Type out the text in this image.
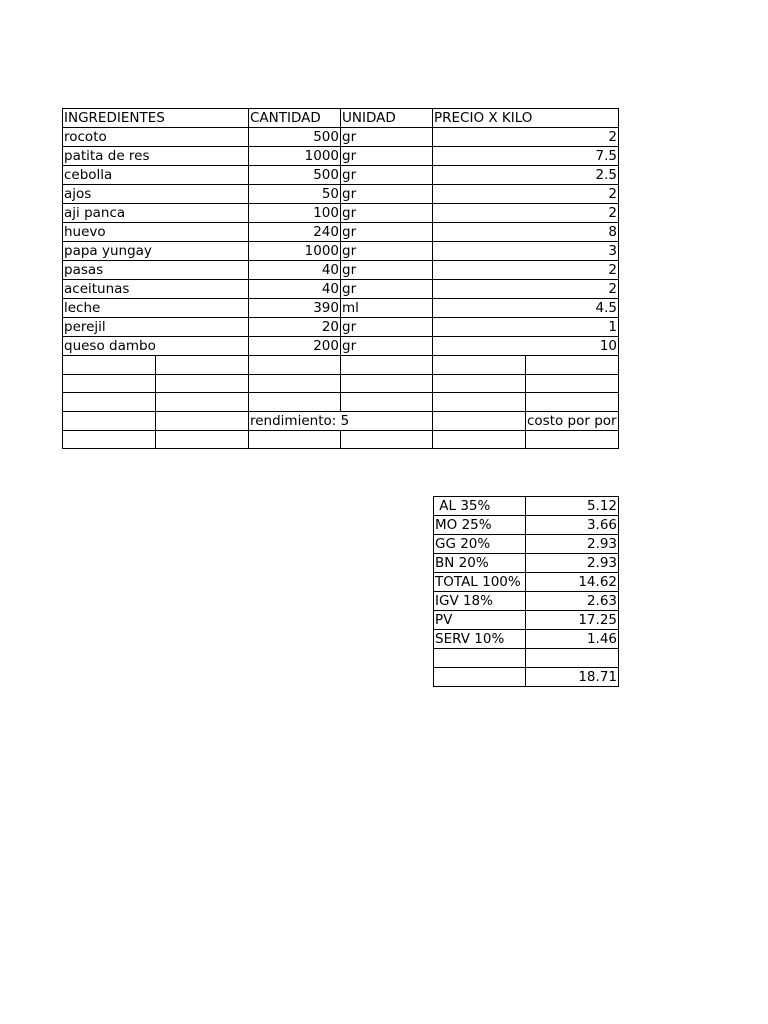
INGREDIENTES		CANTIDAD	UNIDAD	PRECIO X KILO	
rocoto		500	gr	2	
patita de res		1000	gr	7.5	
cebolla		500	gr	2.5	
ajos		50	gr	2	
aji panca		100	gr	2	
huevo		240	gr	8	
papa yungay		1000	gr	3	
pasas		40	gr	2	
aceitunas		40	gr	2	
leche		390	ml	4.5	
perejil		20	gr	1	
queso dambo		200	gr	10	

		rendimiento: 5			costo por por

AL 35%	5.12
MO 25%	3.66
GG 20%	2.93
BN 20%	2.93
TOTAL 100%	14.62
IGV 18%	2.63
PV	17.25
SERV 10%	1.46

	18.71
